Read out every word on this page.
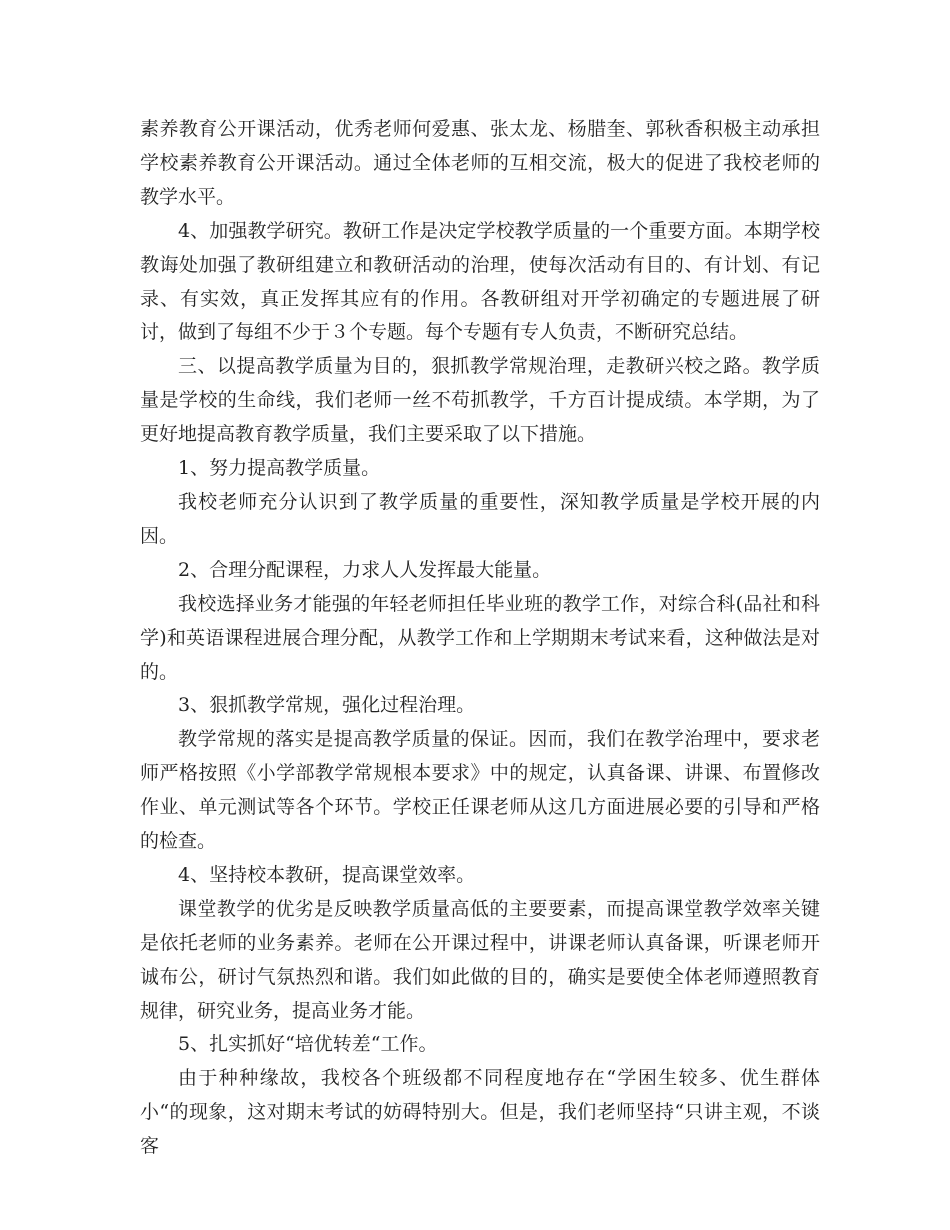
素养教育公开课活动，优秀老师何爱惠、张太龙、杨腊奎、郭秋香积极主动承担学校素养教育公开课活动。通过全体老师的互相交流，极大的促进了我校老师的教学水平。

4、加强教学研究。教研工作是决定学校教学质量的一个重要方面。本期学校教诲处加强了教研组建立和教研活动的治理，使每次活动有目的、有计划、有记录、有实效，真正发挥其应有的作用。各教研组对开学初确定的专题进展了研讨，做到了每组不少于３个专题。每个专题有专人负责，不断研究总结。

三、以提高教学质量为目的，狠抓教学常规治理，走教研兴校之路。教学质量是学校的生命线，我们老师一丝不苟抓教学，千方百计提成绩。本学期，为了更好地提高教育教学质量，我们主要采取了以下措施。

1、努力提高教学质量。

我校老师充分认识到了教学质量的重要性，深知教学质量是学校开展的内因。

2、合理分配课程，力求人人发挥最大能量。

我校选择业务才能强的年轻老师担任毕业班的教学工作，对综合科(品社和科学)和英语课程进展合理分配，从教学工作和上学期期末考试来看，这种做法是对的。

3、狠抓教学常规，强化过程治理。

教学常规的落实是提高教学质量的保证。因而，我们在教学治理中，要求老师严格按照《小学部教学常规根本要求》中的规定，认真备课、讲课、布置修改作业、单元测试等各个环节。学校正任课老师从这几方面进展必要的引导和严格的检查。

4、坚持校本教研，提高课堂效率。

课堂教学的优劣是反映教学质量高低的主要要素，而提高课堂教学效率关键是依托老师的业务素养。老师在公开课过程中，讲课老师认真备课，听课老师开诚布公，研讨气氛热烈和谐。我们如此做的目的，确实是要使全体老师遵照教育规律，研究业务，提高业务才能。

5、扎实抓好“培优转差“工作。

由于种种缘故，我校各个班级都不同程度地存在“学困生较多、优生群体小“的现象，这对期末考试的妨碍特别大。但是，我们老师坚持“只讲主观，不谈客
